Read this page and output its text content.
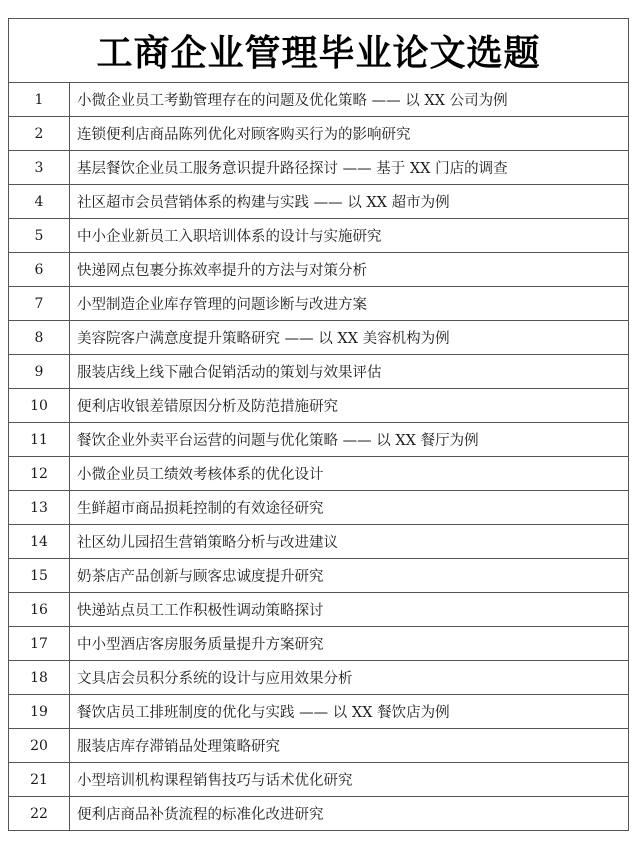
工商企业管理毕业论文选题
1	小微企业员工考勤管理存在的问题及优化策略 —— 以 XX 公司为例
2	连锁便利店商品陈列优化对顾客购买行为的影响研究
3	基层餐饮企业员工服务意识提升路径探讨 —— 基于 XX 门店的调查
4	社区超市会员营销体系的构建与实践 —— 以 XX 超市为例
5	中小企业新员工入职培训体系的设计与实施研究
6	快递网点包裹分拣效率提升的方法与对策分析
7	小型制造企业库存管理的问题诊断与改进方案
8	美容院客户满意度提升策略研究 —— 以 XX 美容机构为例
9	服装店线上线下融合促销活动的策划与效果评估
10	便利店收银差错原因分析及防范措施研究
11	餐饮企业外卖平台运营的问题与优化策略 —— 以 XX 餐厅为例
12	小微企业员工绩效考核体系的优化设计
13	生鲜超市商品损耗控制的有效途径研究
14	社区幼儿园招生营销策略分析与改进建议
15	奶茶店产品创新与顾客忠诚度提升研究
16	快递站点员工工作积极性调动策略探讨
17	中小型酒店客房服务质量提升方案研究
18	文具店会员积分系统的设计与应用效果分析
19	餐饮店员工排班制度的优化与实践 —— 以 XX 餐饮店为例
20	服装店库存滞销品处理策略研究
21	小型培训机构课程销售技巧与话术优化研究
22	便利店商品补货流程的标准化改进研究
